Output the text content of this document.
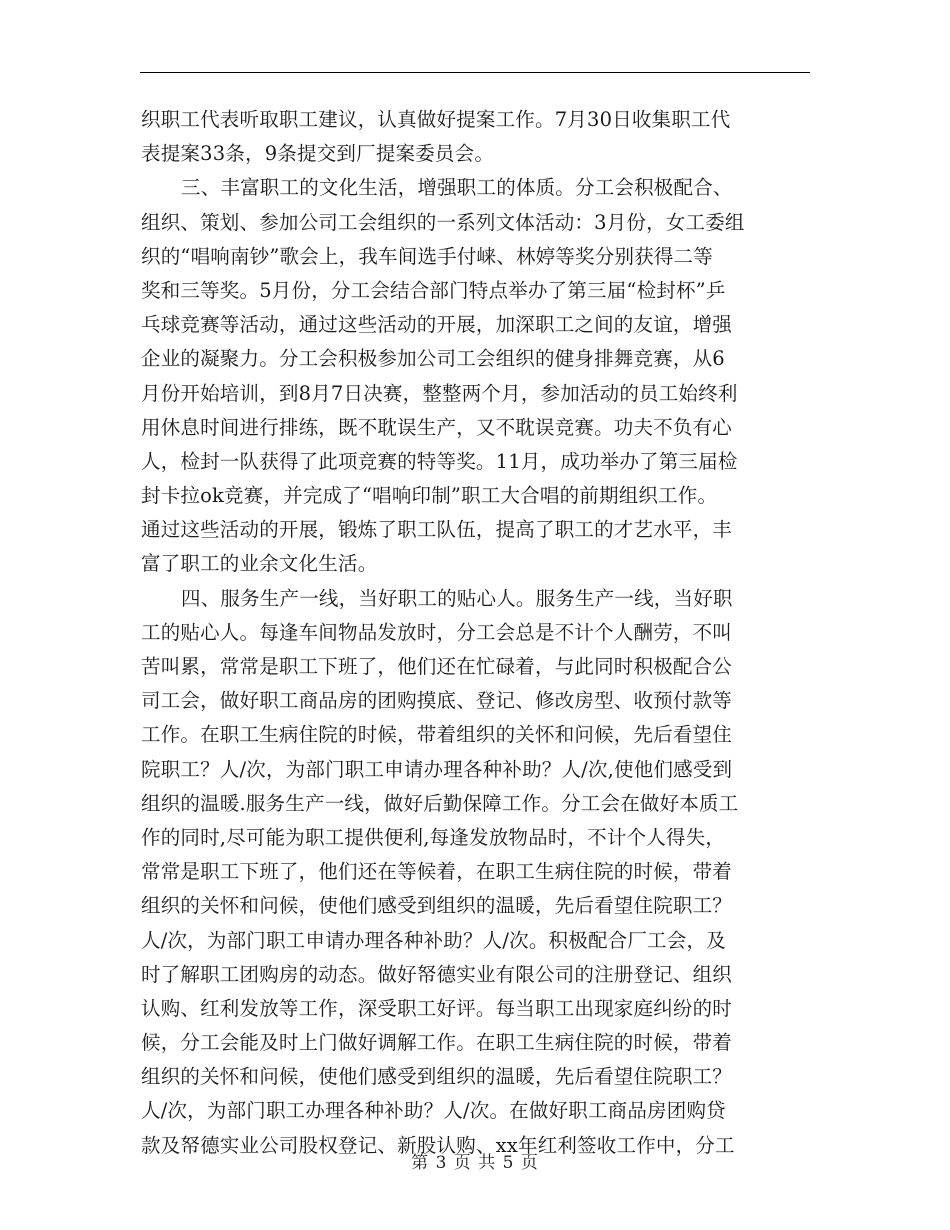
织职工代表听取职工建议，认真做好提案工作。7月30日收集职工代
表提案33条，9条提交到厂提案委员会。
三、丰富职工的文化生活，增强职工的体质。分工会积极配合、
组织、策划、参加公司工会组织的一系列文体活动：3月份，女工委组
织的“唱响南钞”歌会上，我车间选手付崃、林婷等奖分别获得二等
奖和三等奖。5月份，分工会结合部门特点举办了第三届“检封杯”乒
乓球竞赛等活动，通过这些活动的开展，加深职工之间的友谊，增强
企业的凝聚力。分工会积极参加公司工会组织的健身排舞竞赛，从6
月份开始培训，到8月7日决赛，整整两个月，参加活动的员工始终利
用休息时间进行排练，既不耽误生产，又不耽误竞赛。功夫不负有心
人，检封一队获得了此项竞赛的特等奖。11月，成功举办了第三届检
封卡拉ok竞赛，并完成了“唱响印制”职工大合唱的前期组织工作。
通过这些活动的开展，锻炼了职工队伍，提高了职工的才艺水平，丰
富了职工的业余文化生活。
四、服务生产一线，当好职工的贴心人。服务生产一线，当好职
工的贴心人。每逢车间物品发放时，分工会总是不计个人酬劳，不叫
苦叫累，常常是职工下班了，他们还在忙碌着，与此同时积极配合公
司工会，做好职工商品房的团购摸底、登记、修改房型、收预付款等
工作。在职工生病住院的时候，带着组织的关怀和问候，先后看望住
院职工？人/次，为部门职工申请办理各种补助？人/次,使他们感受到
组织的温暖.服务生产一线，做好后勤保障工作。分工会在做好本质工
作的同时,尽可能为职工提供便利,每逢发放物品时，不计个人得失，
常常是职工下班了，他们还在等候着，在职工生病住院的时候，带着
组织的关怀和问候，使他们感受到组织的温暖，先后看望住院职工？
人/次，为部门职工申请办理各种补助？人/次。积极配合厂工会，及
时了解职工团购房的动态。做好帑德实业有限公司的注册登记、组织
认购、红利发放等工作，深受职工好评。每当职工出现家庭纠纷的时
候，分工会能及时上门做好调解工作。在职工生病住院的时候，带着
组织的关怀和问候，使他们感受到组织的温暖，先后看望住院职工？
人/次，为部门职工办理各种补助？人/次。在做好职工商品房团购贷
款及帑德实业公司股权登记、新股认购、xx年红利签收工作中，分工
第 3 页 共 5 页
